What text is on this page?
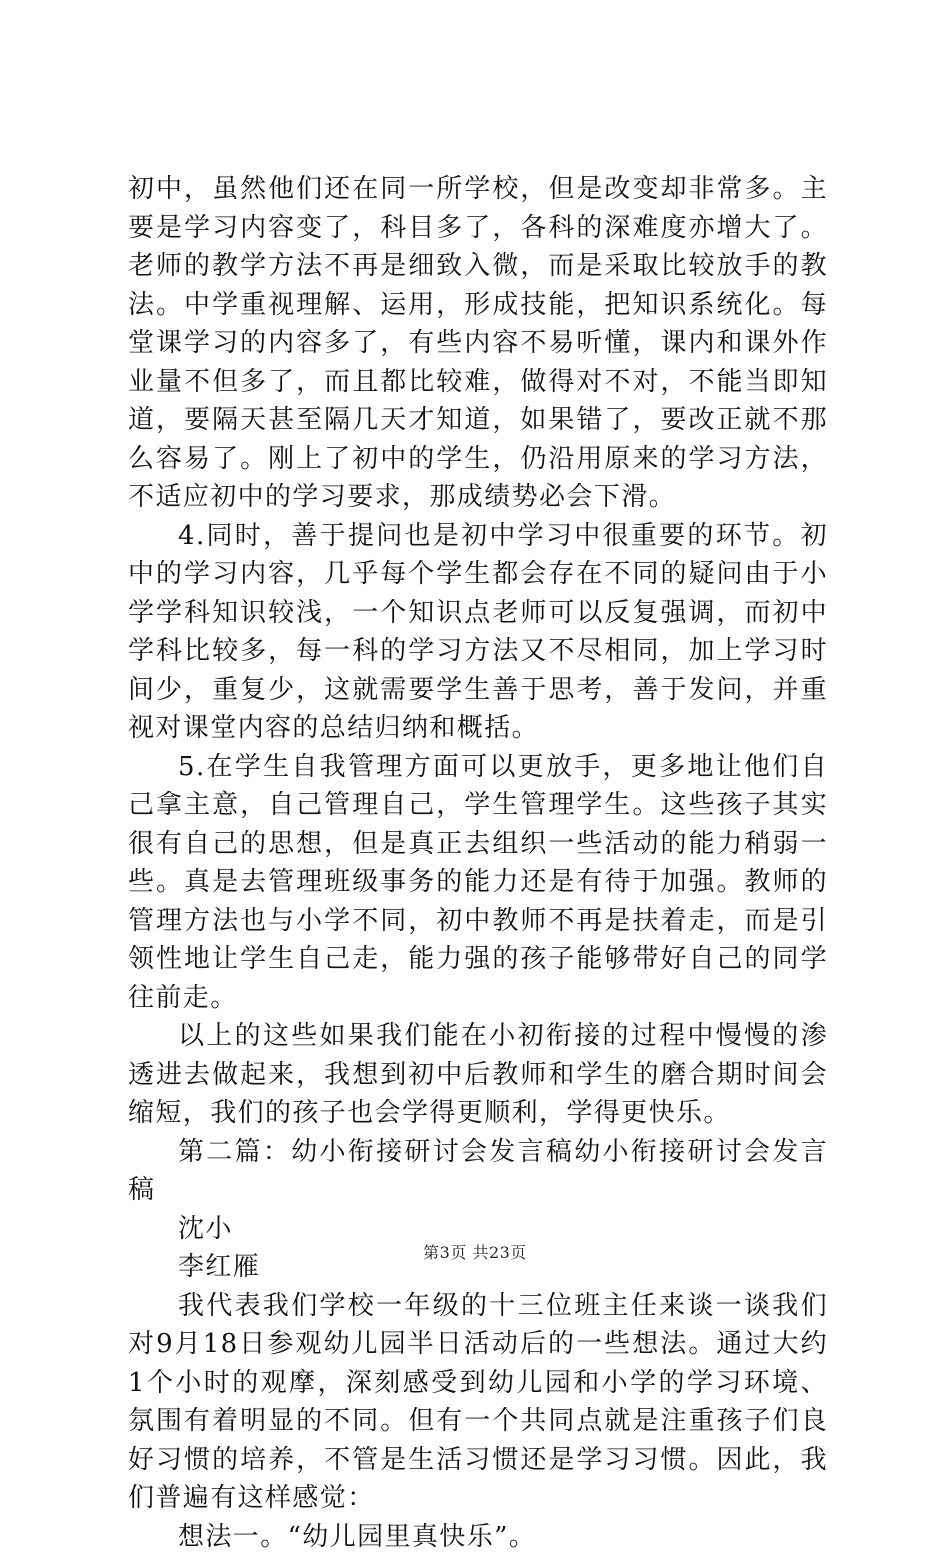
初中，虽然他们还在同一所学校，但是改变却非常多。主要是学习内容变了，科目多了，各科的深难度亦增大了。老师的教学方法不再是细致入微，而是采取比较放手的教法。中学重视理解、运用，形成技能，把知识系统化。每堂课学习的内容多了，有些内容不易听懂，课内和课外作业量不但多了，而且都比较难，做得对不对，不能当即知道，要隔天甚至隔几天才知道，如果错了，要改正就不那么容易了。刚上了初中的学生，仍沿用原来的学习方法，不适应初中的学习要求，那成绩势必会下滑。

4.同时，善于提问也是初中学习中很重要的环节。初中的学习内容，几乎每个学生都会存在不同的疑问由于小学学科知识较浅，一个知识点老师可以反复强调，而初中学科比较多，每一科的学习方法又不尽相同，加上学习时间少，重复少，这就需要学生善于思考，善于发问，并重视对课堂内容的总结归纳和概括。

5.在学生自我管理方面可以更放手，更多地让他们自己拿主意，自己管理自己，学生管理学生。这些孩子其实很有自己的思想，但是真正去组织一些活动的能力稍弱一些。真是去管理班级事务的能力还是有待于加强。教师的管理方法也与小学不同，初中教师不再是扶着走，而是引领性地让学生自己走，能力强的孩子能够带好自己的同学往前走。

以上的这些如果我们能在小初衔接的过程中慢慢的渗透进去做起来，我想到初中后教师和学生的磨合期时间会缩短，我们的孩子也会学得更顺利，学得更快乐。

第二篇：幼小衔接研讨会发言稿幼小衔接研讨会发言稿

沈小

李红雁

我代表我们学校一年级的十三位班主任来谈一谈我们对9月18日参观幼儿园半日活动后的一些想法。通过大约1个小时的观摩，深刻感受到幼儿园和小学的学习环境、氛围有着明显的不同。但有一个共同点就是注重孩子们良好习惯的培养，不管是生活习惯还是学习习惯。因此，我们普遍有这样感觉：

想法一。“幼儿园里真快乐”。

第3页 共23页
